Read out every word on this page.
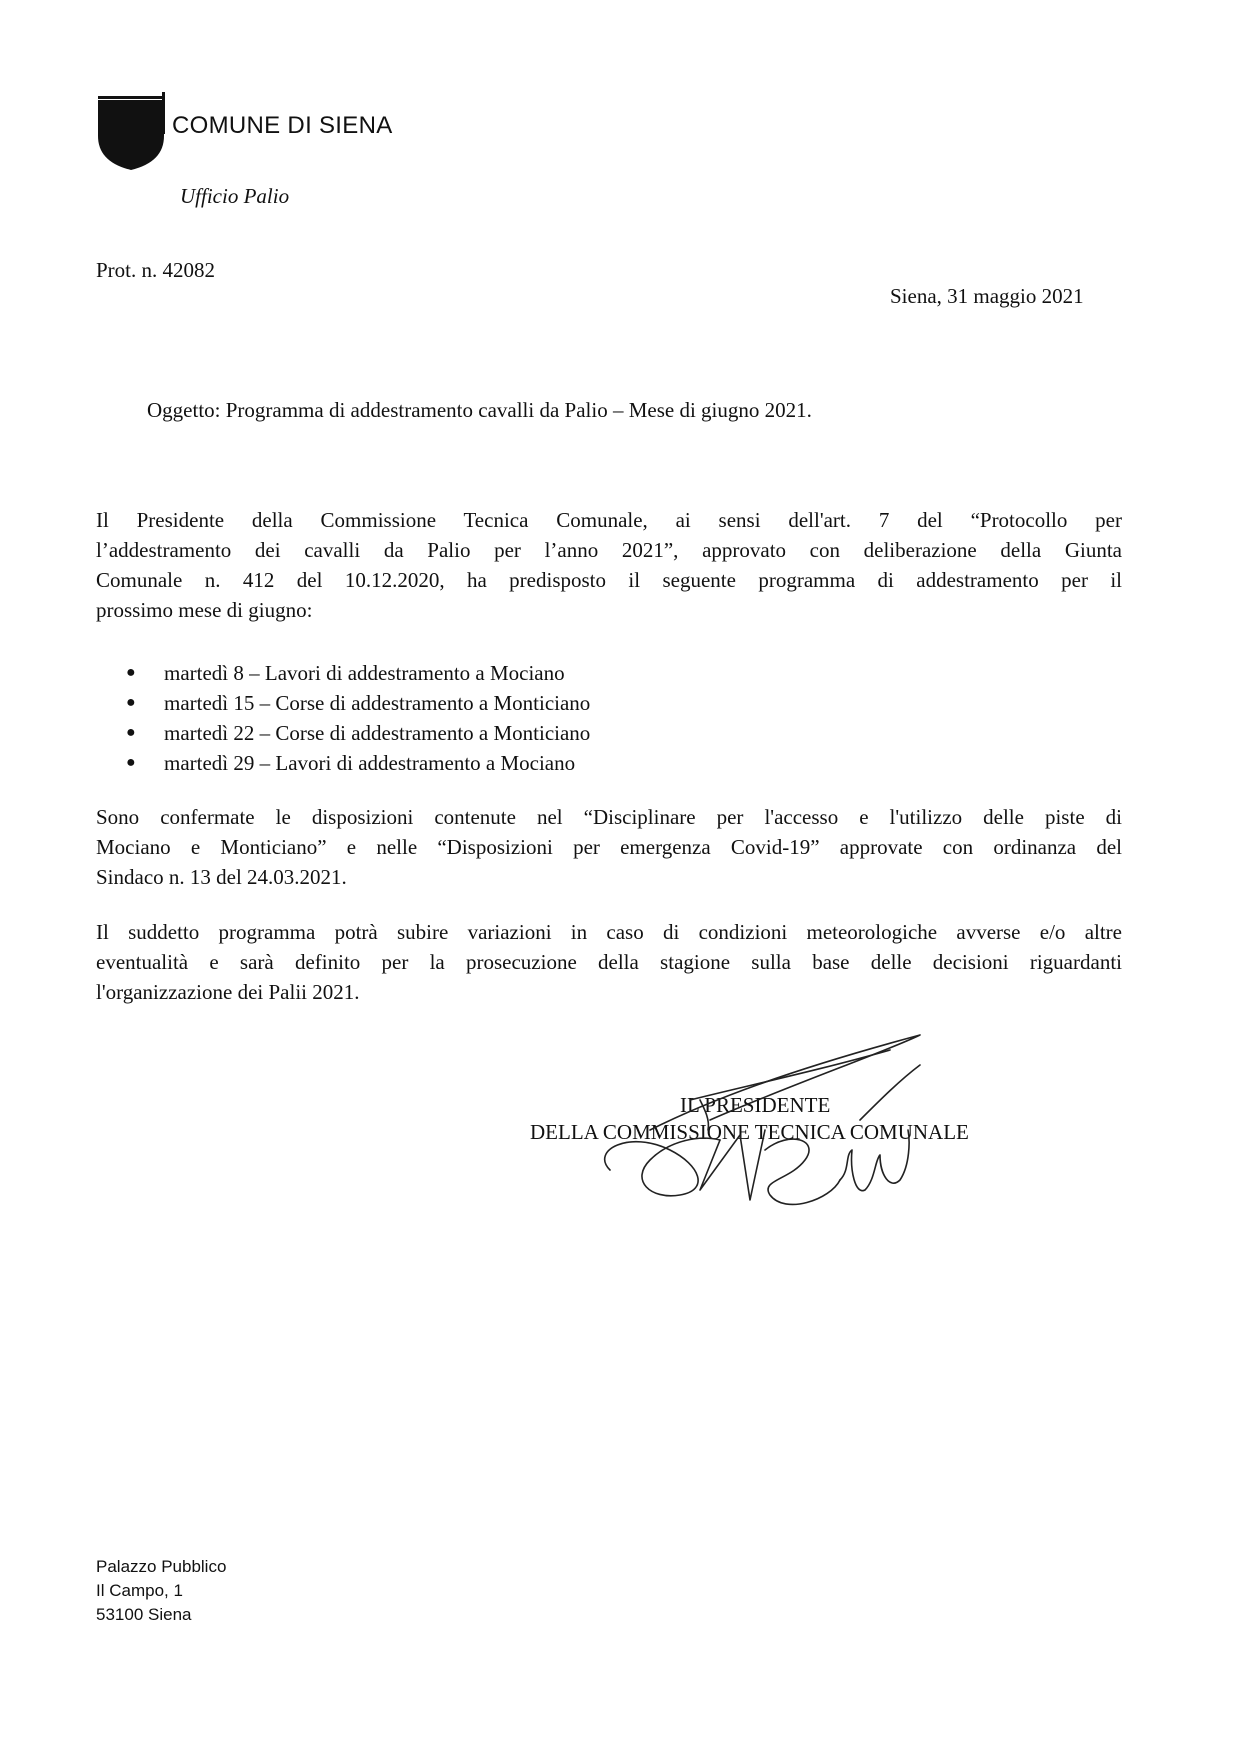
COMUNE DI SIENA
Ufficio Palio
Prot. n. 42082
Siena, 31 maggio 2021
Oggetto: Programma di addestramento cavalli da Palio – Mese di giugno 2021.
Il Presidente della Commissione Tecnica Comunale, ai sensi dell'art. 7 del “Protocollo per
l’addestramento dei cavalli da Palio per l’anno 2021”, approvato con deliberazione della Giunta
Comunale n. 412 del 10.12.2020, ha predisposto il seguente programma di addestramento per il
prossimo mese di giugno:
● martedì 8 – Lavori di addestramento a Mociano
● martedì 15 – Corse di addestramento a Monticiano
● martedì 22 – Corse di addestramento a Monticiano
● martedì 29 – Lavori di addestramento a Mociano
Sono confermate le disposizioni contenute nel “Disciplinare per l'accesso e l'utilizzo delle piste di
Mociano e Monticiano” e nelle “Disposizioni per emergenza Covid-19” approvate con ordinanza del
Sindaco n. 13 del 24.03.2021.
Il suddetto programma potrà subire variazioni in caso di condizioni meteorologiche avverse e/o altre
eventualità e sarà definito per la prosecuzione della stagione sulla base delle decisioni riguardanti
l'organizzazione dei Palii 2021.
IL PRESIDENTE
DELLA COMMISSIONE TECNICA COMUNALE
Palazzo Pubblico
Il Campo, 1
53100 Siena
